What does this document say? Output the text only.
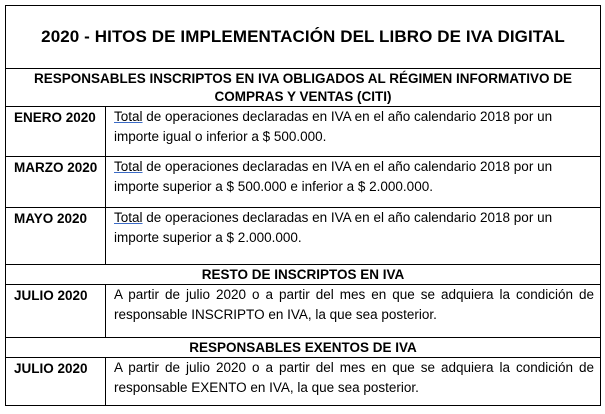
2020 - HITOS DE IMPLEMENTACIÓN DEL LIBRO DE IVA DIGITAL	
RESPONSABLES INSCRIPTOS EN IVA OBLIGADOS AL RÉGIMEN INFORMATIVO DE COMPRAS Y VENTAS (CITI)	
ENERO 2020	Total de operaciones declaradas en IVA en el año calendario 2018 por un importe igual o inferior a $ 500.000.
MARZO 2020	Total de operaciones declaradas en IVA en el año calendario 2018 por un importe superior a $ 500.000 e inferior a $ 2.000.000.
MAYO 2020	Total de operaciones declaradas en IVA en el año calendario 2018 por un importe superior a $ 2.000.000.
RESTO DE INSCRIPTOS EN IVA	
JULIO 2020	A partir de julio 2020 o a partir del mes en que se adquiera la condición de responsable INSCRIPTO en IVA, la que sea posterior.
RESPONSABLES EXENTOS DE IVA	
JULIO 2020	A partir de julio 2020 o a partir del mes en que se adquiera la condición de responsable EXENTO en IVA, la que sea posterior.
